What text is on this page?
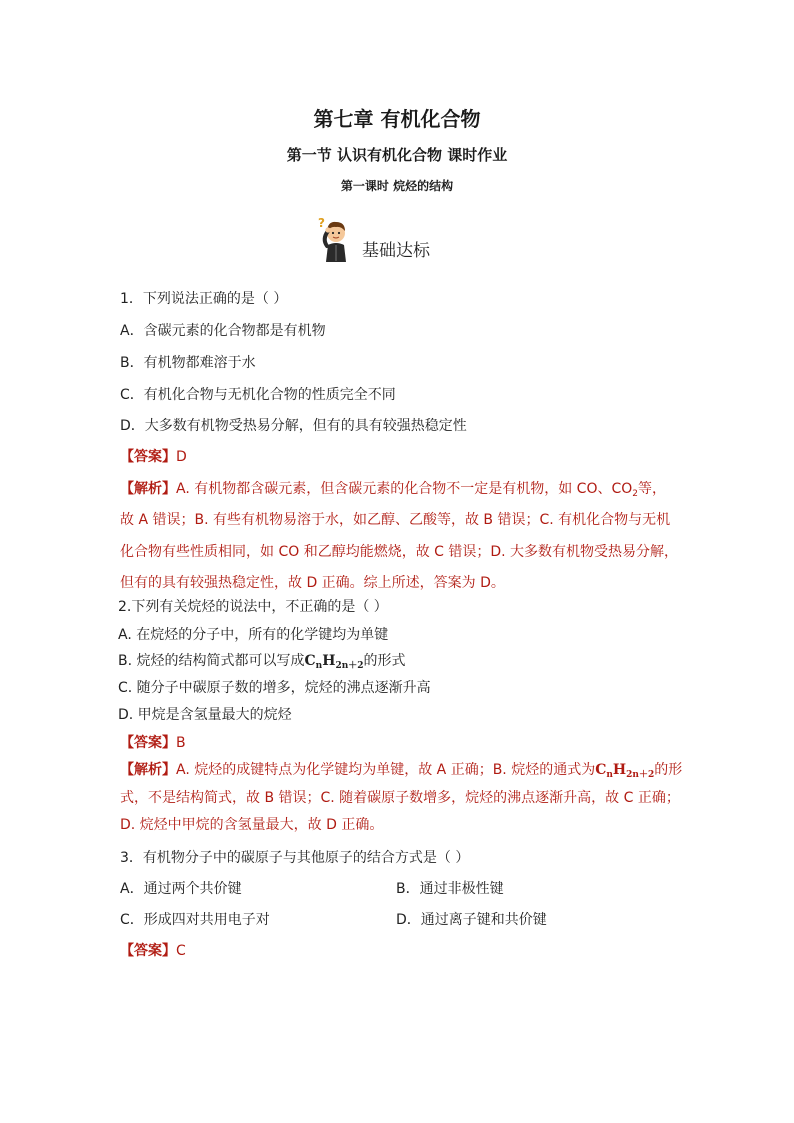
第七章 有机化合物
第一节 认识有机化合物 课时作业
第一课时 烷烃的结构
?
基础达标
1．下列说法正确的是（ ）
A．含碳元素的化合物都是有机物
B．有机物都难溶于水
C．有机化合物与无机化合物的性质完全不同
D．大多数有机物受热易分解，但有的具有较强热稳定性
【答案】D
【解析】A. 有机物都含碳元素，但含碳元素的化合物不一定是有机物，如 CO、$CO_2$等，
故 A 错误；B. 有些有机物易溶于水，如乙醇、乙酸等，故 B 错误；C. 有机化合物与无机
化合物有些性质相同，如 CO 和乙醇均能燃烧，故 C 错误；D. 大多数有机物受热易分解，
但有的具有较强热稳定性，故 D 正确。综上所述，答案为 D。
2.下列有关烷烃的说法中，不正确的是（ ）
A. 在烷烃的分子中，所有的化学键均为单键
B. 烷烃的结构简式都可以写成$C_nH_{2n+2}$的形式
C. 随分子中碳原子数的增多，烷烃的沸点逐渐升高
D. 甲烷是含氢量最大的烷烃
【答案】B
【解析】A. 烷烃的成键特点为化学键均为单键，故 A 正确；B. 烷烃的通式为$C_nH_{2n+2}$的形
式，不是结构简式，故 B 错误；C. 随着碳原子数增多，烷烃的沸点逐渐升高，故 C 正确；
D. 烷烃中甲烷的含氢量最大，故 D 正确。
3．有机物分子中的碳原子与其他原子的结合方式是（ ）
A．通过两个共价键	B．通过非极性键
C．形成四对共用电子对	D．通过离子键和共价键
【答案】C
